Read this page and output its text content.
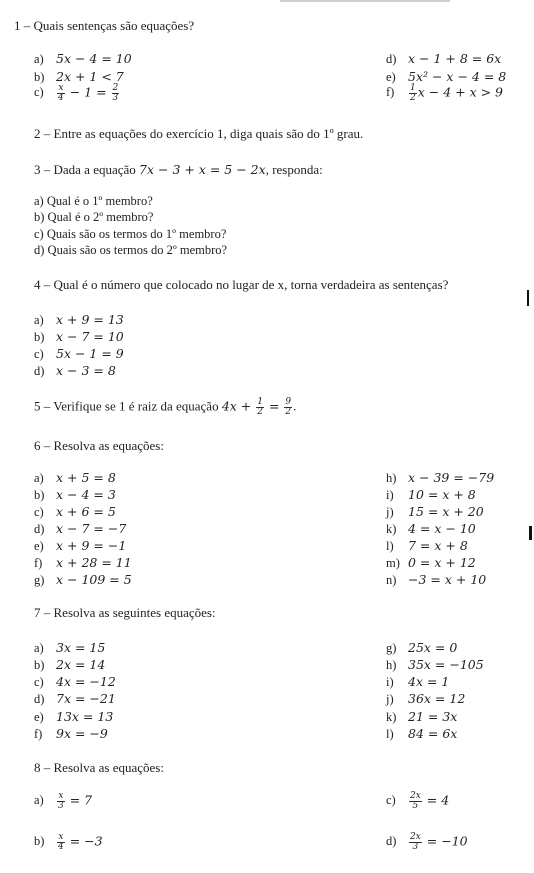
1 – Quais sentenças são equações?
a) 5x − 4 = 10
b) 2x + 1 < 7
$c) \frac{x}{4} - 1 = \frac{2}{3}$
d) x − 1 + 8 = 6x
e) 5x² − x − 4 = 8
$f) \frac{1}{2}$ x − 4 + x > 9
2 – Entre as equações do exercício 1, diga quais são do 1º grau.
3 – Dada a equação 7x − 3 + x = 5 − 2x, responda:
a) Qual é o 1º membro?
b) Qual é o 2º membro?
c) Quais são os termos do 1º membro?
d) Quais são os termos do 2º membro?
4 – Qual é o número que colocado no lugar de x, torna verdadeira as sentenças?
a) x + 9 = 13
b) x − 7 = 10
c) 5x − 1 = 9
d) x − 3 = 8
5 – Verifique se 1 é raiz da equação $4x + \frac{1}{2} = \frac{9}{2}$ .
6 – Resolva as equações:
a) x + 5 = 8
b) x − 4 = 3
c) x + 6 = 5
d) x − 7 = −7
e) x + 9 = −1
f) x + 28 = 11
g) x − 109 = 5
h) x − 39 = −79
i) 10 = x + 8
j) 15 = x + 20
k) 4 = x − 10
l) 7 = x + 8
m) 0 = x + 12
n) −3 = x + 10
7 – Resolva as seguintes equações:
a) 3x = 15
b) 2x = 14
c) 4x = −12
d) 7x = −21
e) 13x = 13
f) 9x = −9
g) 25x = 0
h) 35x = −105
i) 4x = 1
j) 36x = 12
k) 21 = 3x
l) 84 = 6x
8 – Resolva as equações:
$a) \frac{x}{3} = 7$
$b) \frac{x}{4} = -3$
$c) \frac{2x}{5} = 4$
$d) \frac{2x}{3} = -10$
